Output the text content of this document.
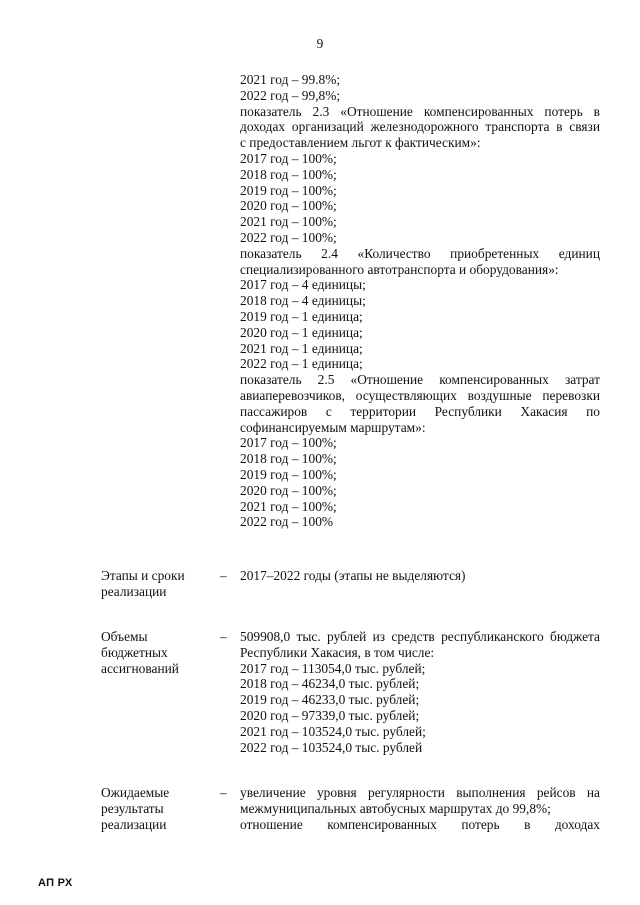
9
2021 год – 99.8%;
2022 год – 99,8%;
показатель 2.3 «Отношение компенсированных потерь в
доходах организаций железнодорожного транспорта в связи
с предоставлением льгот к фактическим»:
2017 год – 100%;
2018 год – 100%;
2019 год – 100%;
2020 год – 100%;
2021 год – 100%;
2022 год – 100%;
показатель 2.4 «Количество приобретенных единиц
специализированного автотранспорта и оборудования»:
2017 год – 4 единицы;
2018 год – 4 единицы;
2019 год – 1 единица;
2020 год – 1 единица;
2021 год – 1 единица;
2022 год – 1 единица;
показатель 2.5 «Отношение компенсированных затрат
авиаперевозчиков, осуществляющих воздушные перевозки
пассажиров с территории Республики Хакасия по
софинансируемым маршрутам»:
2017 год – 100%;
2018 год – 100%;
2019 год – 100%;
2020 год – 100%;
2021 год – 100%;
2022 год – 100%
Этапы и сроки
реализации
– 2017–2022 годы (этапы не выделяются)
Объемы
бюджетных
ассигнований
– 509908,0 тыс. рублей из средств республиканского бюджета
Республики Хакасия, в том числе:
2017 год – 113054,0 тыс. рублей;
2018 год – 46234,0 тыс. рублей;
2019 год – 46233,0 тыс. рублей;
2020 год – 97339,0 тыс. рублей;
2021 год – 103524,0 тыс. рублей;
2022 год – 103524,0 тыс. рублей
Ожидаемые
результаты
реализации
– увеличение уровня регулярности выполнения рейсов на
межмуниципальных автобусных маршрутах до 99,8%;
отношение компенсированных потерь в доходах
АП РХ
